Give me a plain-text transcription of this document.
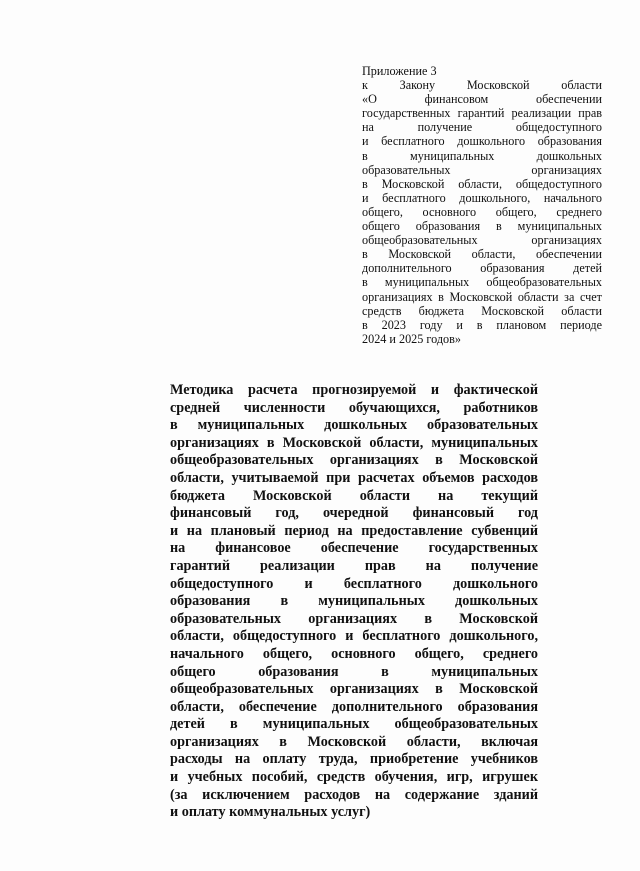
Приложение 3
к Закону Московской области
«О финансовом обеспечении
государственных гарантий реализации прав
на получение общедоступного
и бесплатного дошкольного образования
в муниципальных дошкольных
образовательных организациях
в Московской области, общедоступного
и бесплатного дошкольного, начального
общего, основного общего, среднего
общего образования в муниципальных
общеобразовательных организациях
в Московской области, обеспечении
дополнительного образования детей
в муниципальных общеобразовательных
организациях в Московской области за счет
средств бюджета Московской области
в 2023 году и в плановом периоде
2024 и 2025 годов»
Методика расчета прогнозируемой и фактической
средней численности обучающихся, работников
в муниципальных дошкольных образовательных
организациях в Московской области, муниципальных
общеобразовательных организациях в Московской
области, учитываемой при расчетах объемов расходов
бюджета Московской области на текущий
финансовый год, очередной финансовый год
и на плановый период на предоставление субвенций
на финансовое обеспечение государственных
гарантий реализации прав на получение
общедоступного и бесплатного дошкольного
образования в муниципальных дошкольных
образовательных организациях в Московской
области, общедоступного и бесплатного дошкольного,
начального общего, основного общего, среднего
общего образования в муниципальных
общеобразовательных организациях в Московской
области, обеспечение дополнительного образования
детей в муниципальных общеобразовательных
организациях в Московской области, включая
расходы на оплату труда, приобретение учебников
и учебных пособий, средств обучения, игр, игрушек
(за исключением расходов на содержание зданий
и оплату коммунальных услуг)
